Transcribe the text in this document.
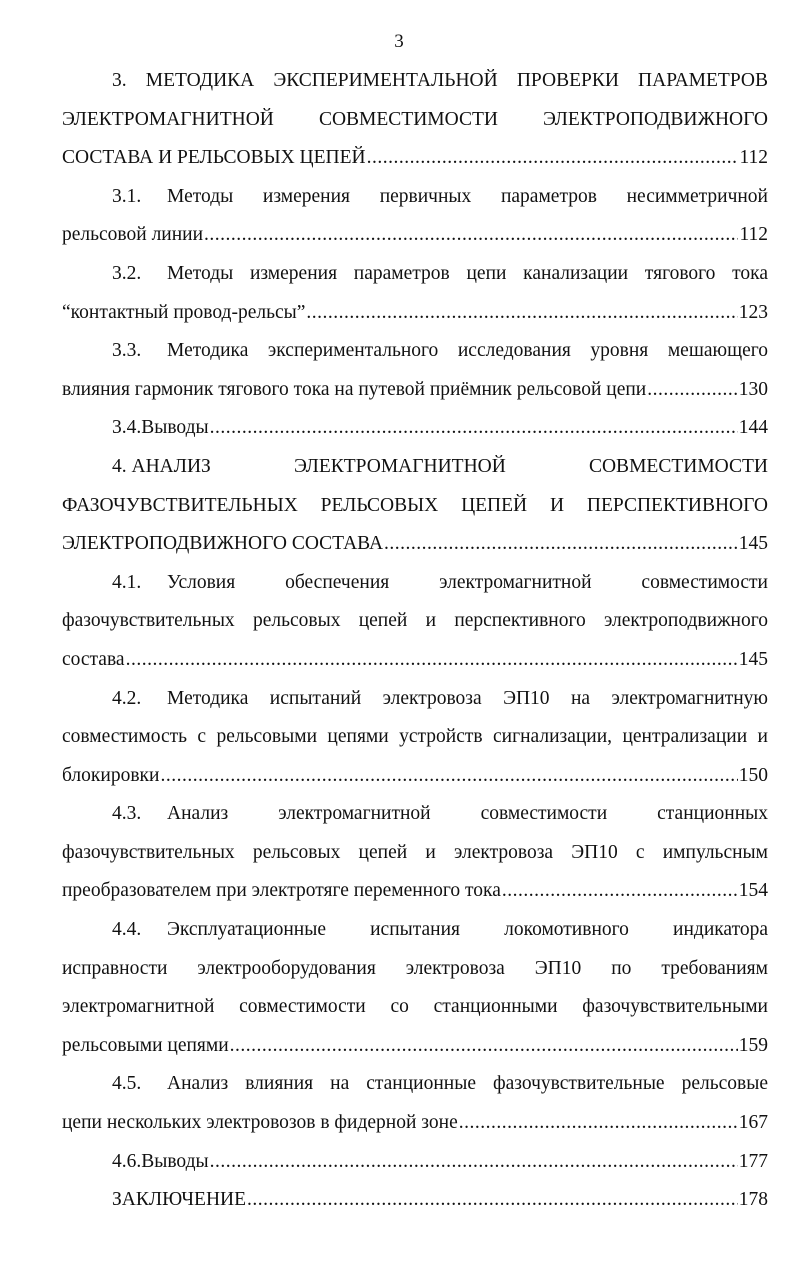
3
3. МЕТОДИКА ЭКСПЕРИМЕНТАЛЬНОЙ ПРОВЕРКИ ПАРАМЕТРОВ
ЭЛЕКТРОМАГНИТНОЙ СОВМЕСТИМОСТИ ЭЛЕКТРОПОДВИЖНОГО
СОСТАВА И РЕЛЬСОВЫХ ЦЕПЕЙ .....	112
3.1. Методы измерения первичных параметров несимметричной
рельсовой линии .....	112
3.2. Методы измерения параметров цепи канализации тягового тока
“контактный провод-рельсы” .....	123
3.3. Методика экспериментального исследования уровня мешающего
влияния гармоник тягового тока на путевой приёмник рельсовой цепи .....	130
3.4. Выводы .....	144
4. АНАЛИЗ	ЭЛЕКТРОМАГНИТНОЙ	СОВМЕСТИМОСТИ
ФАЗОЧУВСТВИТЕЛЬНЫХ РЕЛЬСОВЫХ ЦЕПЕЙ И ПЕРСПЕКТИВНОГО
ЭЛЕКТРОПОДВИЖНОГО СОСТАВА .....	145
4.1. Условия обеспечения электромагнитной совместимости
фазочувствительных рельсовых цепей и перспективного электроподвижного
состава .....	145
4.2. Методика испытаний электровоза ЭП10 на электромагнитную
совместимость с рельсовыми цепями устройств сигнализации, централизации и
блокировки .....	150
4.3. Анализ электромагнитной совместимости станционных
фазочувствительных рельсовых цепей и электровоза ЭП10 с импульсным
преобразователем при электротяге переменного тока .....	154
4.4. Эксплуатационные испытания локомотивного индикатора
исправности электрооборудования электровоза ЭП10 по требованиям
электромагнитной совместимости со станционными фазочувствительными
рельсовыми цепями .....	159
4.5. Анализ влияния на станционные фазочувствительные рельсовые
цепи нескольких электровозов в фидерной зоне .....	167
4.6. Выводы .....	177
ЗАКЛЮЧЕНИЕ .....	178
